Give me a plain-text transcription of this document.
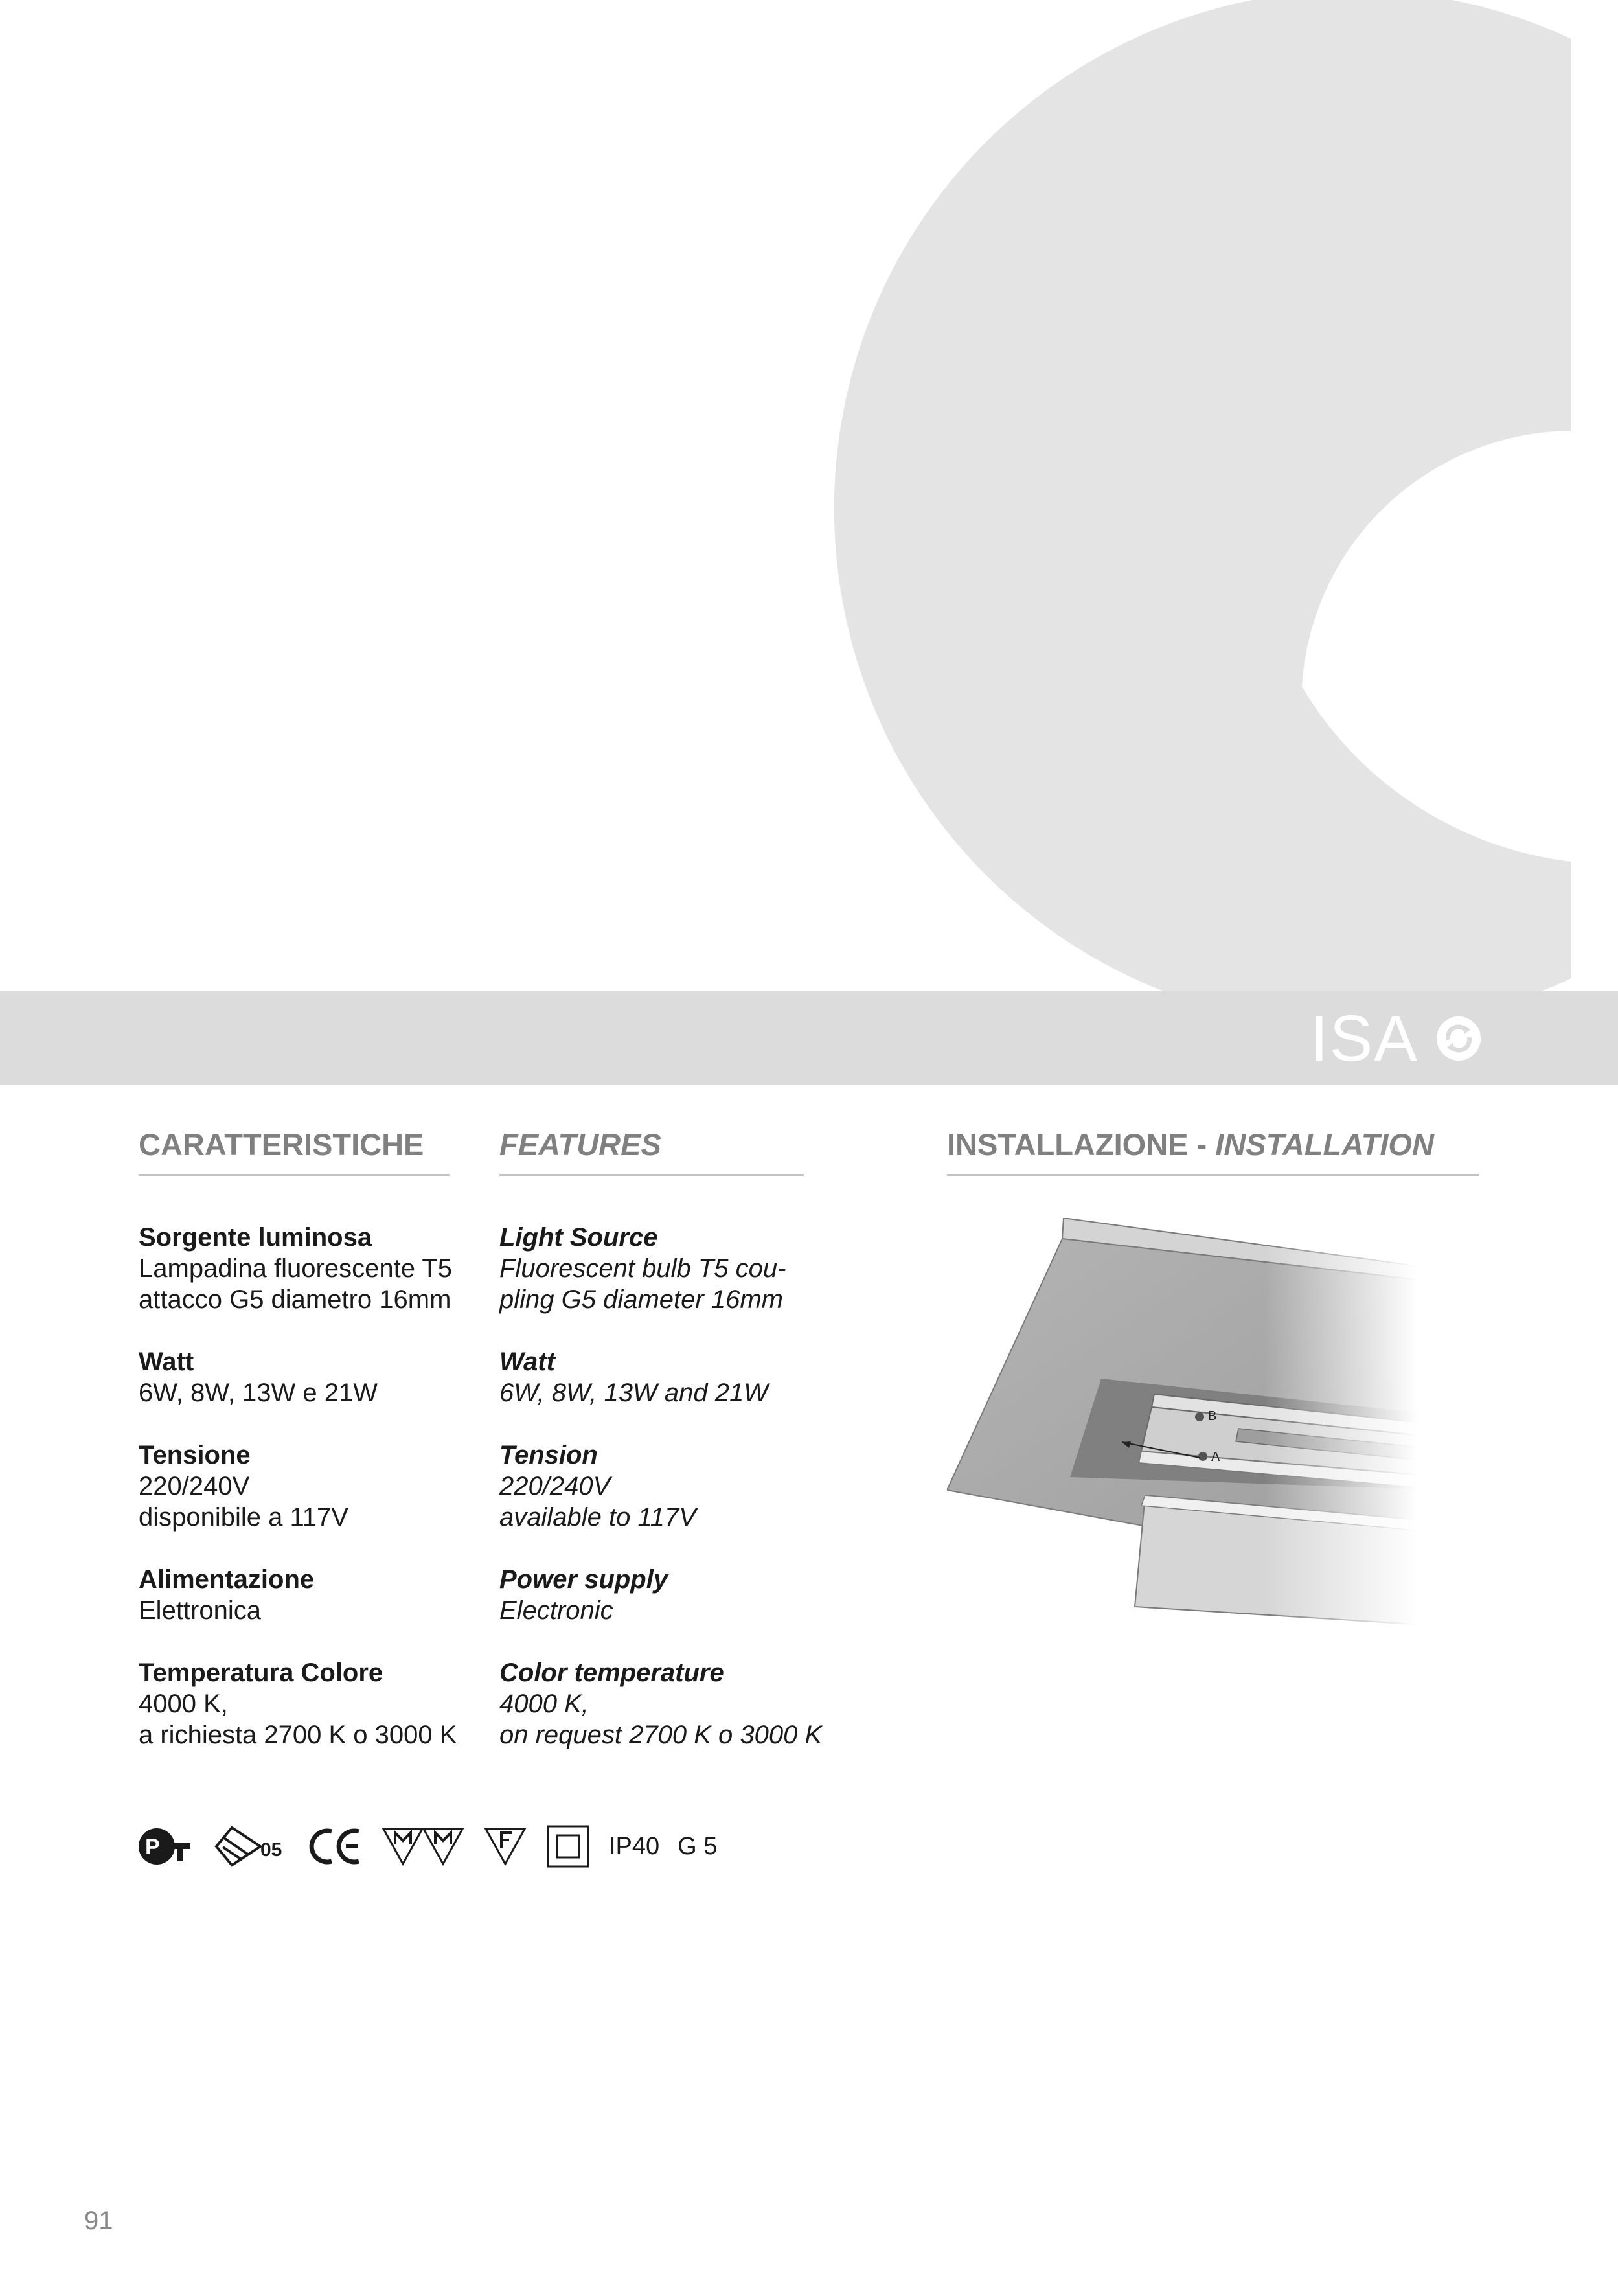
ISA
CARATTERISTICHE
Sorgente luminosa
Lampadina fluorescente T5
attacco G5 diametro 16mm
Watt
6W, 8W, 13W e 21W
Tensione
220/240V
disponibile a 117V
Alimentazione
Elettronica
Temperatura Colore
4000 K,
a richiesta 2700 K o 3000 K
FEATURES
Light Source
Fluorescent bulb T5 cou-
pling G5 diameter 16mm
Watt
6W, 8W, 13W and 21W
Tension
220/240V
available to 117V
Power supply
Electronic
Color temperature
4000 K,
on request 2700 K o 3000 K
INSTALLAZIONE - INSTALLATION
P	05	IP40 G 5
91
